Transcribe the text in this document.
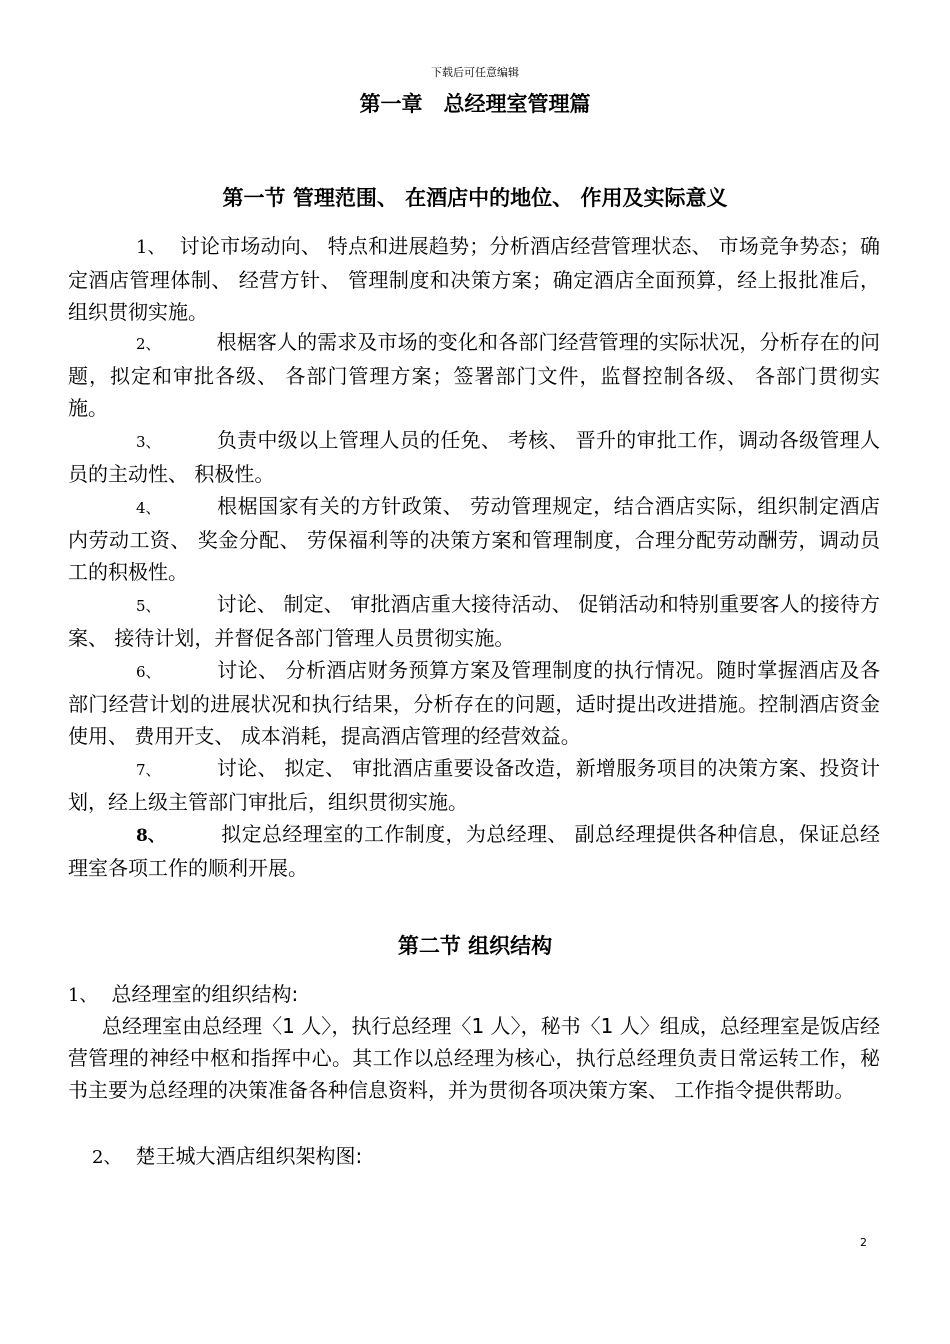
下载后可任意编辑
第一章　总经理室管理篇
第一节 管理范围、 在酒店中的地位、 作用及实际意义

1、 讨论市场动向、 特点和进展趋势；分析酒店经营管理状态、 市场竞争势态；确定酒店管理体制、 经营方针、 管理制度和决策方案；确定酒店全面预算，经上报批准后，组织贯彻实施。

2、	根椐客人的需求及市场的变化和各部门经营管理的实际状况，分析存在的问题，拟定和审批各级、 各部门管理方案；签署部门文件，监督控制各级、 各部门贯彻实施。

3、	负责中级以上管理人员的任免、 考核、 晋升的审批工作，调动各级管理人员的主动性、 积极性。

4、	根椐国家有关的方针政策、 劳动管理规定，结合酒店实际，组织制定酒店内劳动工资、 奖金分配、 劳保福利等的决策方案和管理制度，合理分配劳动酬劳，调动员工的积极性。

5、	讨论、 制定、 审批酒店重大接待活动、 促销活动和特别重要客人的接待方案、 接待计划，并督促各部门管理人员贯彻实施。

6、	讨论、 分析酒店财务预算方案及管理制度的执行情况。随时掌握酒店及各部门经营计划的进展状况和执行结果，分析存在的问题，适时提出改进措施。控制酒店资金使用、 费用开支、 成本消耗，提高酒店管理的经营效益。

7、	讨论、 拟定、 审批酒店重要设备改造，新增服务项目的决策方案、投资计划，经上级主管部门审批后，组织贯彻实施。

8、	拟定总经理室的工作制度，为总经理、 副总经理提供各种信息，保证总经理室各项工作的顺利开展。

第二节 组织结构

1、 总经理室的组织结构:

总经理室由总经理〈1 人〉，执行总经理〈1 人〉，秘书〈1 人〉组成，总经理室是饭店经营管理的神经中枢和指挥中心。其工作以总经理为核心，执行总经理负责日常运转工作，秘书主要为总经理的决策准备各种信息资料，并为贯彻各项决策方案、 工作指令提供帮助。

2、 楚王城大酒店组织架构图:

2
